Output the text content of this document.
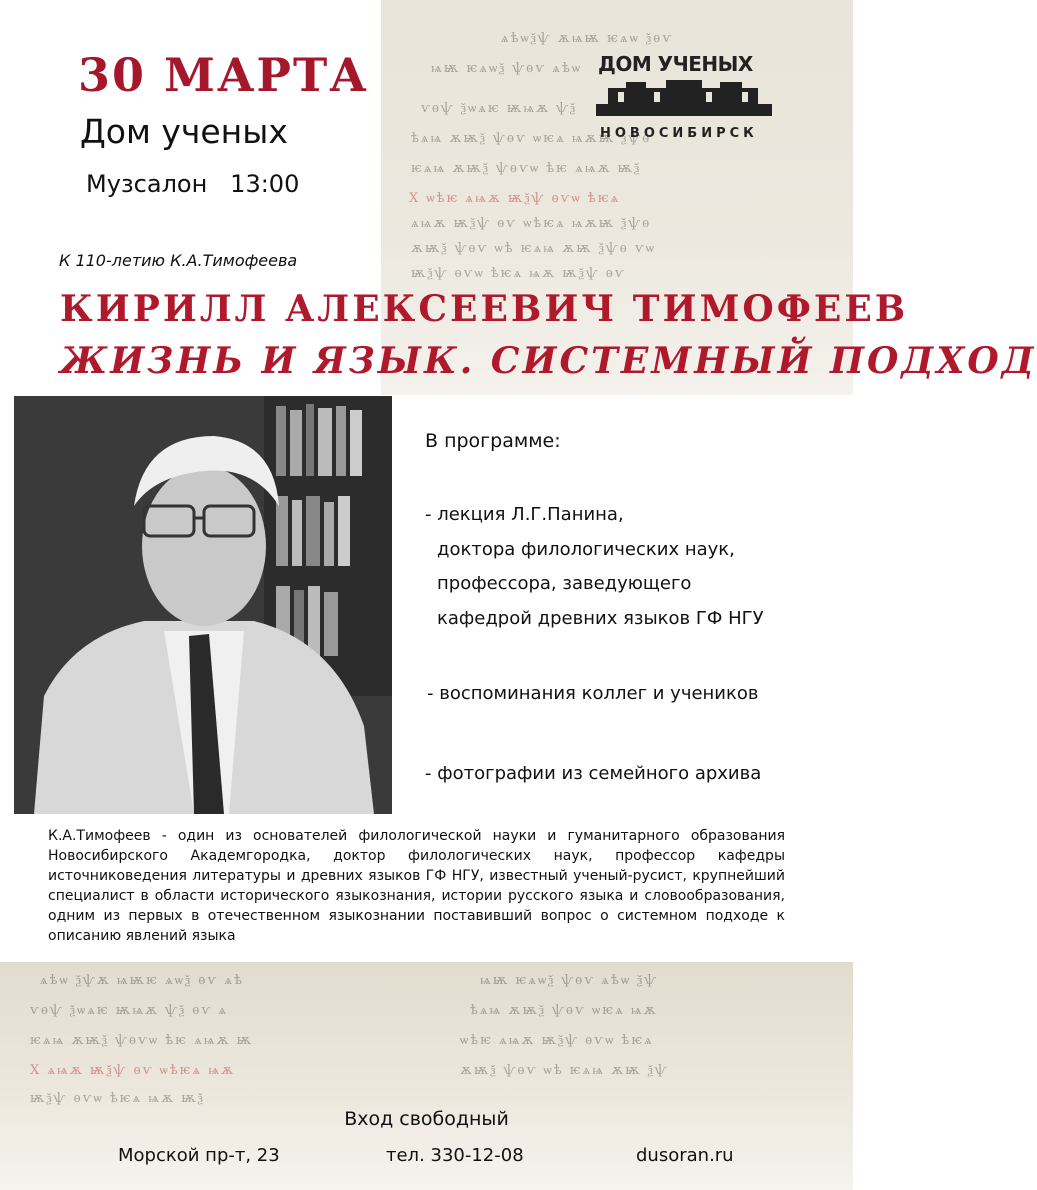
ѧѣѡѯѱ ѫѩѭ ѥѧѡ ѯѳѵ
ѩѭ ѥѧѡѯ ѱѳѵ ѧѣѡ
ѵѳѱ ѯѡѧѥ ѭѩѫ ѱѯ
ѣѧѩ ѫѭѯ ѱѳѵ ѡѥѧ ѩѫѭ ѯѱѳ
ѥѧѩ ѫѭѯ ѱѳѵѡ ѣѥ ѧѩѫ ѭѯ
Х ѡѣѥ ѧѩѫ ѭѯѱ ѳѵѡ ѣѥѧ
ѧѩѫ ѭѯѱ ѳѵ ѡѣѥѧ ѩѫѭ ѯѱѳ
ѫѭѯ ѱѳѵ ѡѣ ѥѧѩ ѫѭ ѯѱѳ ѵѡ
ѭѯѱ ѳѵѡ ѣѥѧ ѩѫ ѭѯѱ ѳѵ
ѧѣѡ ѯѱѫ ѩѭѥ ѧѡѯ ѳѵ ѧѣ	ѩѭ ѥѧѡѯ ѱѳѵ ѧѣѡ ѯѱ
ѵѳѱ ѯѡѧѥ ѭѩѫ ѱѯ ѳѵ ѧ	ѣѧѩ ѫѭѯ ѱѳѵ ѡѥѧ ѩѫ
ѥѧѩ ѫѭѯ ѱѳѵѡ ѣѥ ѧѩѫ ѭ	ѡѣѥ ѧѩѫ ѭѯѱ ѳѵѡ ѣѥѧ
Х ѧѩѫ ѭѯѱ ѳѵ ѡѣѥѧ ѩѫ	ѫѭѯ ѱѳѵ ѡѣ ѥѧѩ ѫѭ ѯѱ
ѭѯѱ ѳѵѡ ѣѥѧ ѩѫ ѭѯ
ДОМ УЧЕНЫХ
НОВОСИБИРСК
30 МАРТА
Дом ученых
Музсалон   13:00
К 110-летию К.А.Тимофеева
КИРИЛЛ АЛЕКСЕЕВИЧ ТИМОФЕЕВ
ЖИЗНЬ И ЯЗЫК. СИСТЕМНЫЙ ПОДХОД
В программе:
- лекция Л.Г.Панина,
доктора филологических наук,
профессора, заведующего
кафедрой древних языков ГФ НГУ
- воспоминания коллег и учеников
- фотографии из семейного архива
К.А.Тимофеев - один из основателей филологической науки и гуманитарного образования Новосибирского Академгородка, доктор филологических наук, профессор кафедры источниковедения литературы и древних языков ГФ НГУ, известный ученый-русист, крупнейший специалист в области исторического языкознания, истории русского языка и словообразования, одним из первых в отечественном языкознании поставивший вопрос о системном подходе к описанию явлений языка
Вход свободный
Морской пр-т, 23	тел. 330-12-08	dusoran.ru
